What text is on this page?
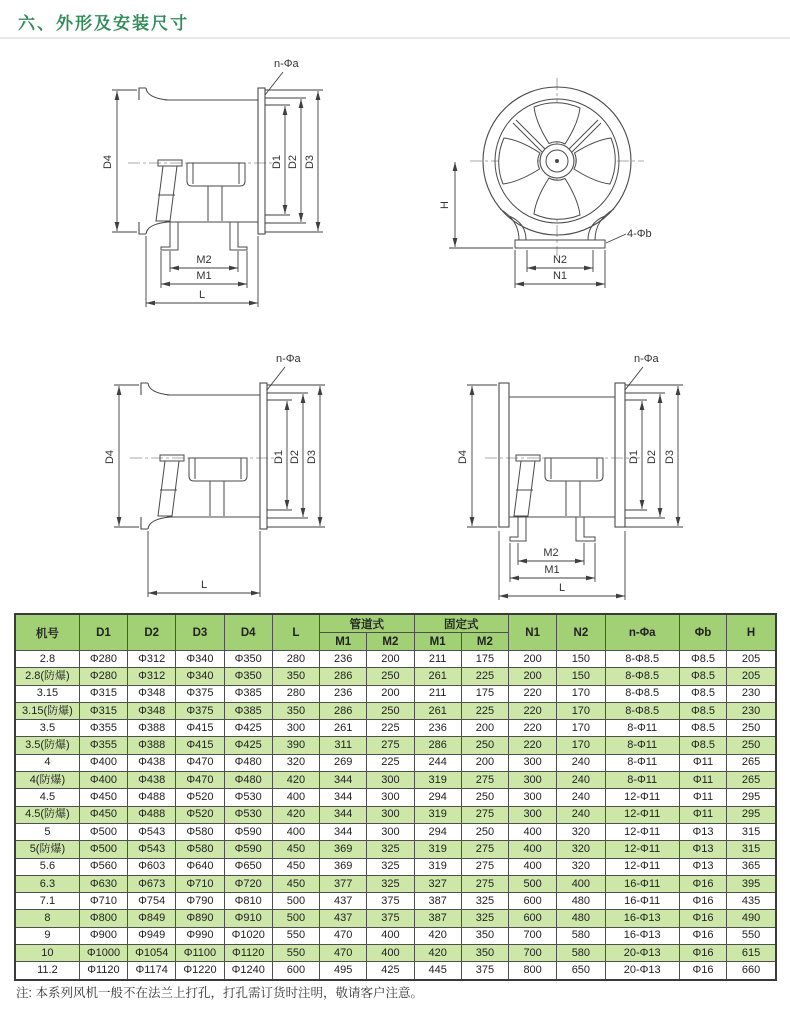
六、外形及安装尺寸
D4
n-Φa
D1 D2 D3
M2
M1
L
H
N2
N1
4-Φb
D4
n-Φa
D1 D2 D3
L
D4
n-Φa
D1 D2 D3
M2
M1
L
机号	D1	D2	D3	D4	L	管道式		固定式		N1	N2	n-Φa	Φb	H
						M1	M2	M1	M2					
2.8	Φ280	Φ312	Φ340	Φ350	280	236	200	211	175	200	150	8-Φ8.5	Φ8.5	205
2.8(防爆)	Φ280	Φ312	Φ340	Φ350	350	286	250	261	225	200	150	8-Φ8.5	Φ8.5	205
3.15	Φ315	Φ348	Φ375	Φ385	280	236	200	211	175	220	170	8-Φ8.5	Φ8.5	230
3.15(防爆)	Φ315	Φ348	Φ375	Φ385	350	286	250	261	225	220	170	8-Φ8.5	Φ8.5	230
3.5	Φ355	Φ388	Φ415	Φ425	300	261	225	236	200	220	170	8-Φ11	Φ8.5	250
3.5(防爆)	Φ355	Φ388	Φ415	Φ425	390	311	275	286	250	220	170	8-Φ11	Φ8.5	250
4	Φ400	Φ438	Φ470	Φ480	320	269	225	244	200	300	240	8-Φ11	Φ11	265
4(防爆)	Φ400	Φ438	Φ470	Φ480	420	344	300	319	275	300	240	8-Φ11	Φ11	265
4.5	Φ450	Φ488	Φ520	Φ530	400	344	300	294	250	300	240	12-Φ11	Φ11	295
4.5(防爆)	Φ450	Φ488	Φ520	Φ530	420	344	300	319	275	300	240	12-Φ11	Φ11	295
5	Φ500	Φ543	Φ580	Φ590	400	344	300	294	250	400	320	12-Φ11	Φ13	315
5(防爆)	Φ500	Φ543	Φ580	Φ590	450	369	325	319	275	400	320	12-Φ11	Φ13	315
5.6	Φ560	Φ603	Φ640	Φ650	450	369	325	319	275	400	320	12-Φ11	Φ13	365
6.3	Φ630	Φ673	Φ710	Φ720	450	377	325	327	275	500	400	16-Φ11	Φ16	395
7.1	Φ710	Φ754	Φ790	Φ810	500	437	375	387	325	600	480	16-Φ11	Φ16	435
8	Φ800	Φ849	Φ890	Φ910	500	437	375	387	325	600	480	16-Φ13	Φ16	490
9	Φ900	Φ949	Φ990	Φ1020	550	470	400	420	350	700	580	16-Φ13	Φ16	550
10	Φ1000	Φ1054	Φ1100	Φ1120	550	470	400	420	350	700	580	20-Φ13	Φ16	615
11.2	Φ1120	Φ1174	Φ1220	Φ1240	600	495	425	445	375	800	650	20-Φ13	Φ16	660
注: 本系列风机一般不在法兰上打孔，打孔需订货时注明，敬请客户注意。
